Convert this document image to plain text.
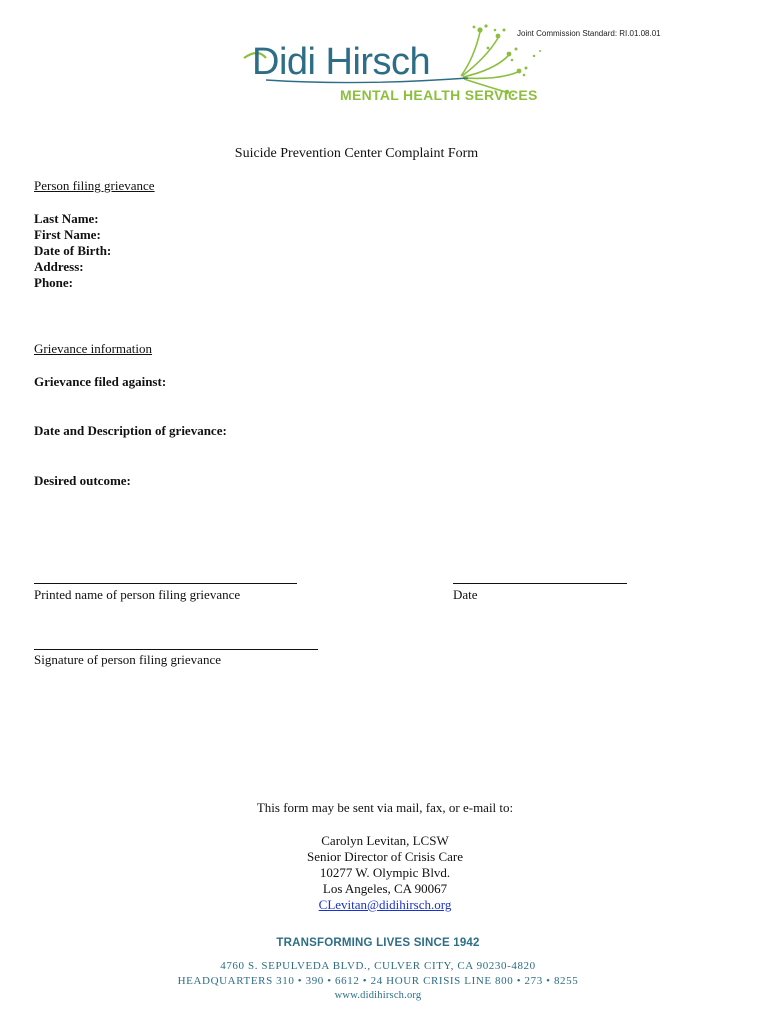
Joint Commission Standard: RI.01.08.01
Didi Hirsch
MENTAL HEALTH SERVICES
Suicide Prevention Center Complaint Form
Person filing grievance
Last Name:
First Name:
Date of Birth:
Address:
Phone:
Grievance information
Grievance filed against:
Date and Description of grievance:
Desired outcome:
Printed name of person filing grievance	Date
Signature of person filing grievance
This form may be sent via mail, fax, or e-mail to:
Carolyn Levitan, LCSW
Senior Director of Crisis Care
10277 W. Olympic Blvd.
Los Angeles, CA 90067
CLevitan@didihirsch.org
TRANSFORMING LIVES SINCE 1942
4760 S. SEPULVEDA BLVD., CULVER CITY, CA 90230-4820
HEADQUARTERS 310 • 390 • 6612 • 24 HOUR CRISIS LINE 800 • 273 • 8255
www.didihirsch.org
